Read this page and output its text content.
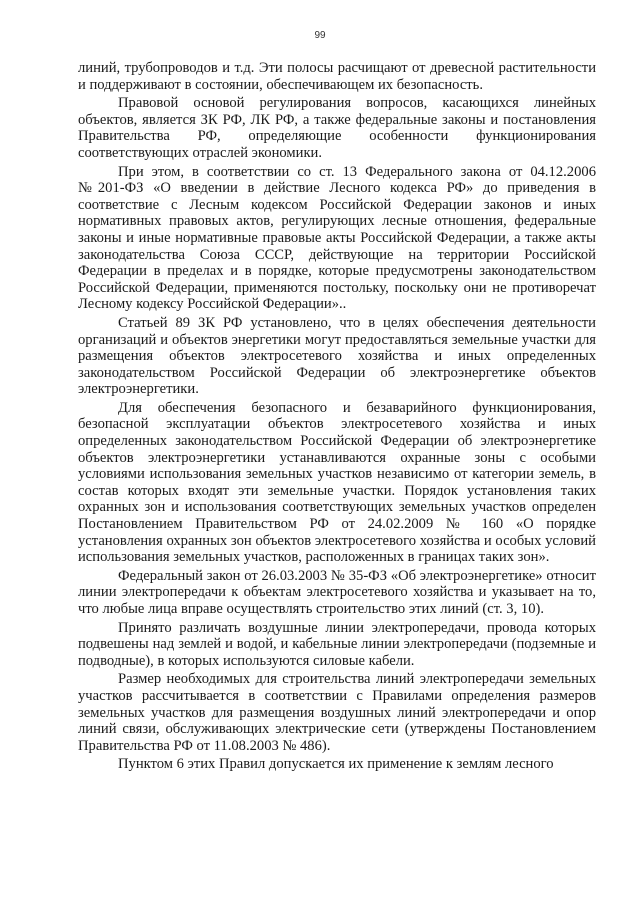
99

линий, трубопроводов и т.д. Эти полосы расчищают от древесной растительности и поддерживают в состоянии, обеспечивающем их безопасность.

Правовой основой регулирования вопросов, касающихся линейных объектов, является ЗК РФ, ЛК РФ, а также федеральные законы и постановления Правительства РФ, определяющие особенности функционирования соответствующих отраслей экономики.

При этом, в соответствии со ст. 13 Федерального закона от 04.12.2006 №201-ФЗ «О введении в действие Лесного кодекса РФ» до приведения в соответствие с Лесным кодексом Российской Федерации законов и иных нормативных правовых актов, регулирующих лесные отношения, федеральные законы и иные нормативные правовые акты Российской Федерации, а также акты законодательства Союза СССР, действующие на территории Российской Федерации в пределах и в порядке, которые предусмотрены законодательством Российской Федерации, применяются постольку, поскольку они не противоречат Лесному кодексу Российской Федерации»..

Статьей 89 ЗК РФ установлено, что в целях обеспечения деятельности организаций и объектов энергетики могут предоставляться земельные участки для размещения объектов электросетевого хозяйства и иных определенных законодательством Российской Федерации об электроэнергетике объектов электроэнергетики.

Для обеспечения безопасного и безаварийного функционирования, безопасной эксплуатации объектов электросетевого хозяйства и иных определенных законодательством Российской Федерации об электроэнергетике объектов электроэнергетики устанавливаются охранные зоны с особыми условиями использования земельных участков независимо от категории земель, в состав которых входят эти земельные участки. Порядок установления таких охранных зон и использования соответствующих земельных участков определен Постановлением Правительством РФ от 24.02.2009 № 160 «О порядке установления охранных зон объектов электросетевого хозяйства и особых условий использования земельных участков, расположенных в границах таких зон».

Федеральный закон от 26.03.2003 № 35-ФЗ «Об электроэнергетике» относит линии электропередачи к объектам электросетевого хозяйства и указывает на то, что любые лица вправе осуществлять строительство этих линий (ст. 3, 10).

Принято различать воздушные линии электропередачи, провода которых подвешены над землей и водой, и кабельные линии электропередачи (подземные и подводные), в которых используются силовые кабели.

Размер необходимых для строительства линий электропередачи земельных участков рассчитывается в соответствии с Правилами определения размеров земельных участков для размещения воздушных линий электропередачи и опор линий связи, обслуживающих электрические сети (утверждены Постановлением Правительства РФ от 11.08.2003 № 486).

Пунктом 6 этих Правил допускается их применение к землям лесного
